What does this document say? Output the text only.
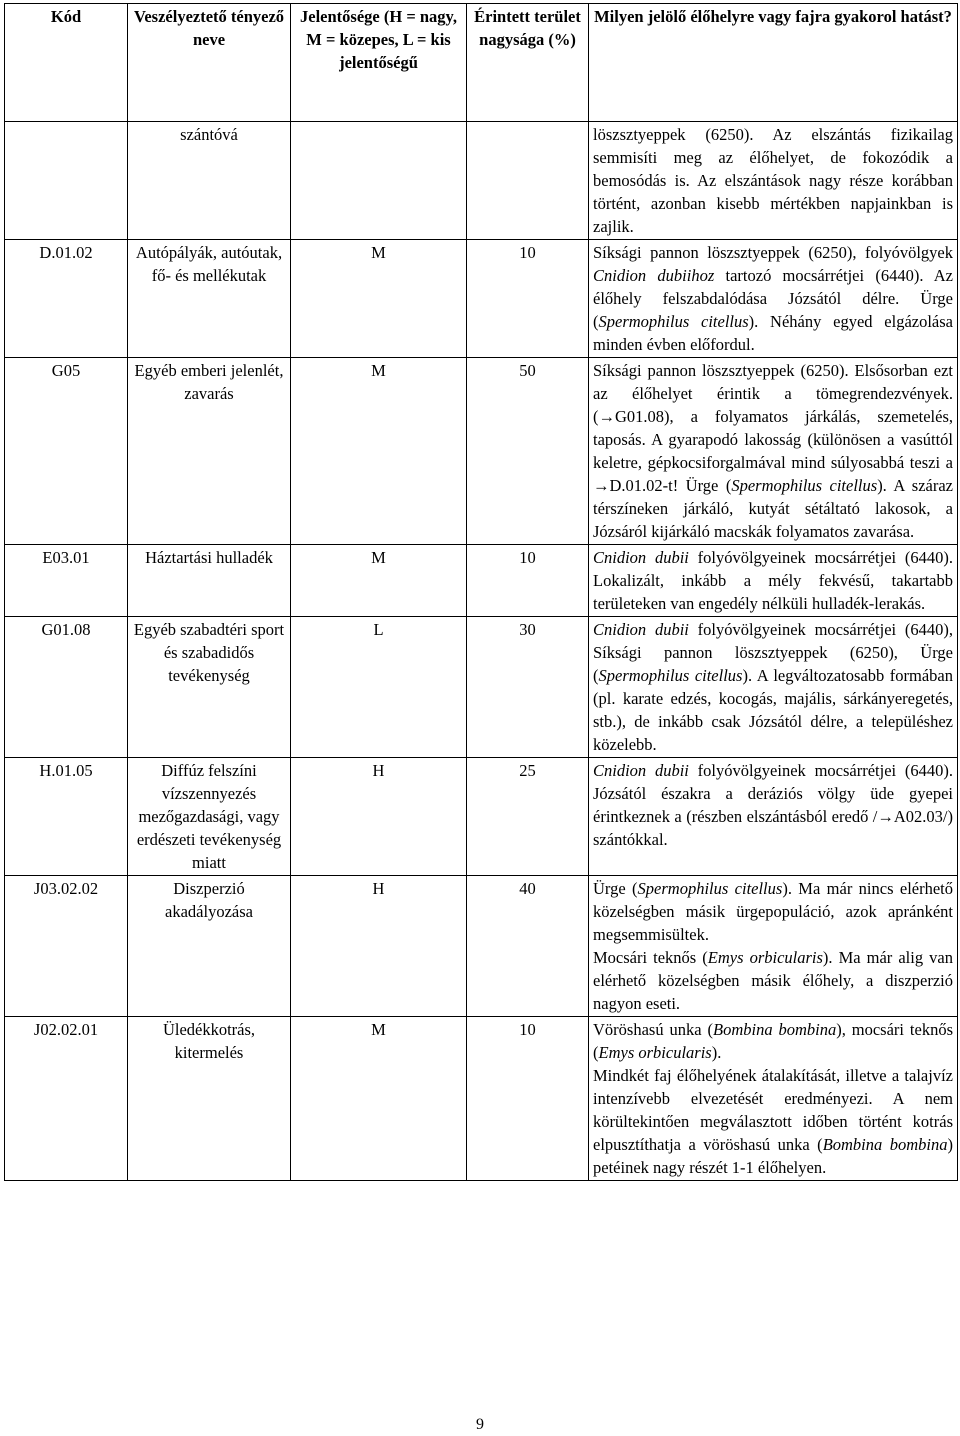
Kód	Veszélyeztető tényező neve	Jelentősége (H = nagy, M = közepes, L = kis jelentőségű	Érintett terület nagysága (%)	Milyen jelölő élőhelyre vagy fajra gyakorol hatást?
	szántóvá			löszsztyeppek (6250). Az elszántás fizikailag semmisíti meg az élőhelyet, de fokozódik a bemosódás is. Az elszántások nagy része korábban történt, azonban kisebb mértékben napjainkban is zajlik.
D.01.02	Autópályák, autóutak, fő- és mellékutak	M	10	Síksági pannon löszsztyeppek (6250), folyóvölgyek Cnidion dubiihoz tartozó mocsárrétjei (6440). Az élőhely felszabdalódása Józsától délre. Ürge (Spermophilus citellus). Néhány egyed elgázolása minden évben előfordul.
G05	Egyéb emberi jelenlét, zavarás	M	50	Síksági pannon löszsztyeppek (6250). Elsősorban ezt az élőhelyet érintik a tömegrendezvények. (→G01.08), a folyamatos járkálás, szemetelés, taposás. A gyarapodó lakosság (különösen a vasúttól keletre, gépkocsiforgalmával mind súlyosabbá teszi a →D.01.02-t! Ürge (Spermophilus citellus). A száraz térszíneken járkáló, kutyát sétáltató lakosok, a Józsáról kijárkáló macskák folyamatos zavarása.
E03.01	Háztartási hulladék	M	10	Cnidion dubii folyóvölgyeinek mocsárrétjei (6440). Lokalizált, inkább a mély fekvésű, takartabb területeken van engedély nélküli hulladék-lerakás.
G01.08	Egyéb szabadtéri sport és szabadidős tevékenység	L	30	Cnidion dubii folyóvölgyeinek mocsárrétjei (6440), Síksági pannon löszsztyeppek (6250), Ürge (Spermophilus citellus). A legváltozatosabb formában (pl. karate edzés, kocogás, majális, sárkányeregetés, stb.), de inkább csak Józsától délre, a településhez közelebb.
H.01.05	Diffúz felszíni vízszennyezés mezőgazdasági, vagy erdészeti tevékenység miatt	H	25	Cnidion dubii folyóvölgyeinek mocsárrétjei (6440). Józsától északra a deráziós völgy üde gyepei érintkeznek a (részben elszántásból eredő /→A02.03/) szántókkal.
J03.02.02	Diszperzió akadályozása	H	40	Ürge (Spermophilus citellus). Ma már nincs elérhető közelségben másik ürgepopuláció, azok apránként megsemmisültek.
Mocsári teknős (Emys orbicularis). Ma már alig van elérhető közelségben másik élőhely, a diszperzió nagyon eseti.
J02.02.01	Üledékkotrás, kitermelés	M	10	Vöröshasú unka (Bombina bombina), mocsári teknős (Emys orbicularis).
Mindkét faj élőhelyének átalakítását, illetve a talajvíz intenzívebb elvezetését eredményezi. A nem körültekintően megválasztott időben történt kotrás elpusztíthatja a vöröshasú unka (Bombina bombina) petéinek nagy részét 1-1 élőhelyen.
9
